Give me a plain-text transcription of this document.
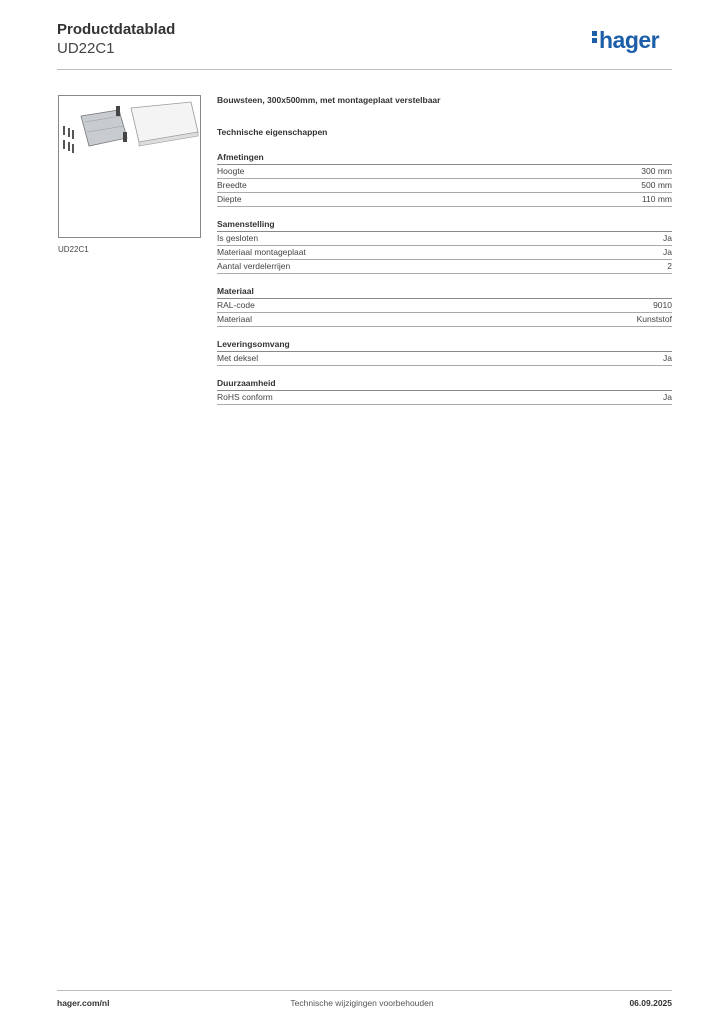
Productdatablad
UD22C1	hager
UD22C1
Bouwsteen, 300x500mm, met montageplaat verstelbaar
Technische eigenschappen
Afmetingen
Hoogte	300 mm
Breedte	500 mm
Diepte	110 mm
Samenstelling
Is gesloten	Ja
Materiaal montageplaat	Ja
Aantal verdelerrijen	2
Materiaal
RAL-code	9010
Materiaal	Kunststof
Leveringsomvang
Met deksel	Ja
Duurzaamheid
RoHS conform	Ja
hager.com/nl	Technische wijzigingen voorbehouden	06.09.2025
